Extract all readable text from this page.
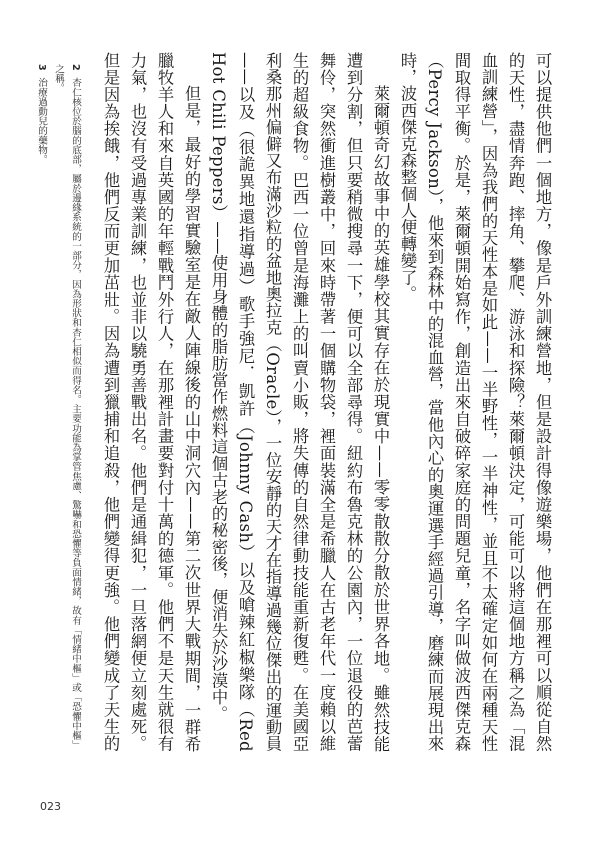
可以提供他們一個地方，像是戶外訓練營地，但是設計得像遊樂場，他們在那裡可以順從自然的天性，盡情奔跑、摔角、攀爬、游泳和探險？萊爾頓決定，可能可以將這個地方稱之為「混血訓練營」，因為我們的天性本是如此——一半野性，一半神性，並且不太確定如何在兩種天性間取得平衡。於是，萊爾頓開始寫作，創造出來自破碎家庭的問題兒童，名字叫做波西傑克森（Percy Jackson），他來到森林中的混血營，當他內心的奧運選手經過引導，磨練而展現出來時，波西傑克森整個人便轉變了。

萊爾頓奇幻故事中的英雄學校其實存在於現實中——零零散散分散於世界各地。雖然技能遭到分割，但只要稍微搜尋一下，便可以全部尋得。紐約布魯克林的公園內，一位退役的芭蕾舞伶，突然衝進樹叢中，回來時帶著一個購物袋，裡面裝滿全是希臘人在古老年代一度賴以維生的超級食物。巴西一位曾是海灘上的叫賣小販，將失傳的自然律動技能重新復甦。在美國亞利桑那州偏僻又布滿沙粒的盆地奧拉克（Oracle），一位安靜的天才在指導過幾位傑出的運動員——以及（很詭異地還指導過）歌手強尼．凱許（Johnny Cash）以及嗆辣紅椒樂隊（Red Hot Chili Peppers）——使用身體的脂肪當作燃料這個古老的秘密後，便消失於沙漠中。

但是，最好的學習實驗室是在敵人陣線後的山中洞穴內——第二次世界大戰期間，一群希臘牧羊人和來自英國的年輕戰鬥外行人，在那裡計畫要對付十萬的德軍。他們不是天生就很有力氣，也沒有受過專業訓練，也並非以驍勇善戰出名。他們是通緝犯，一旦落網便立刻處死。但是因為挨餓，他們反而更加茁壯。因為遭到獵捕和追殺，他們變得更強。他們變成了天生的

2 杏仁核位於腦的底部，屬於邊緣系統的一部分，因為形狀和杏仁相似而得名。主要功能為掌管焦慮、驚嚇和恐懼等負面情緒，故有「情緒中樞」或「恐懼中樞」之稱。

3 治療過動兒的藥物。

023
